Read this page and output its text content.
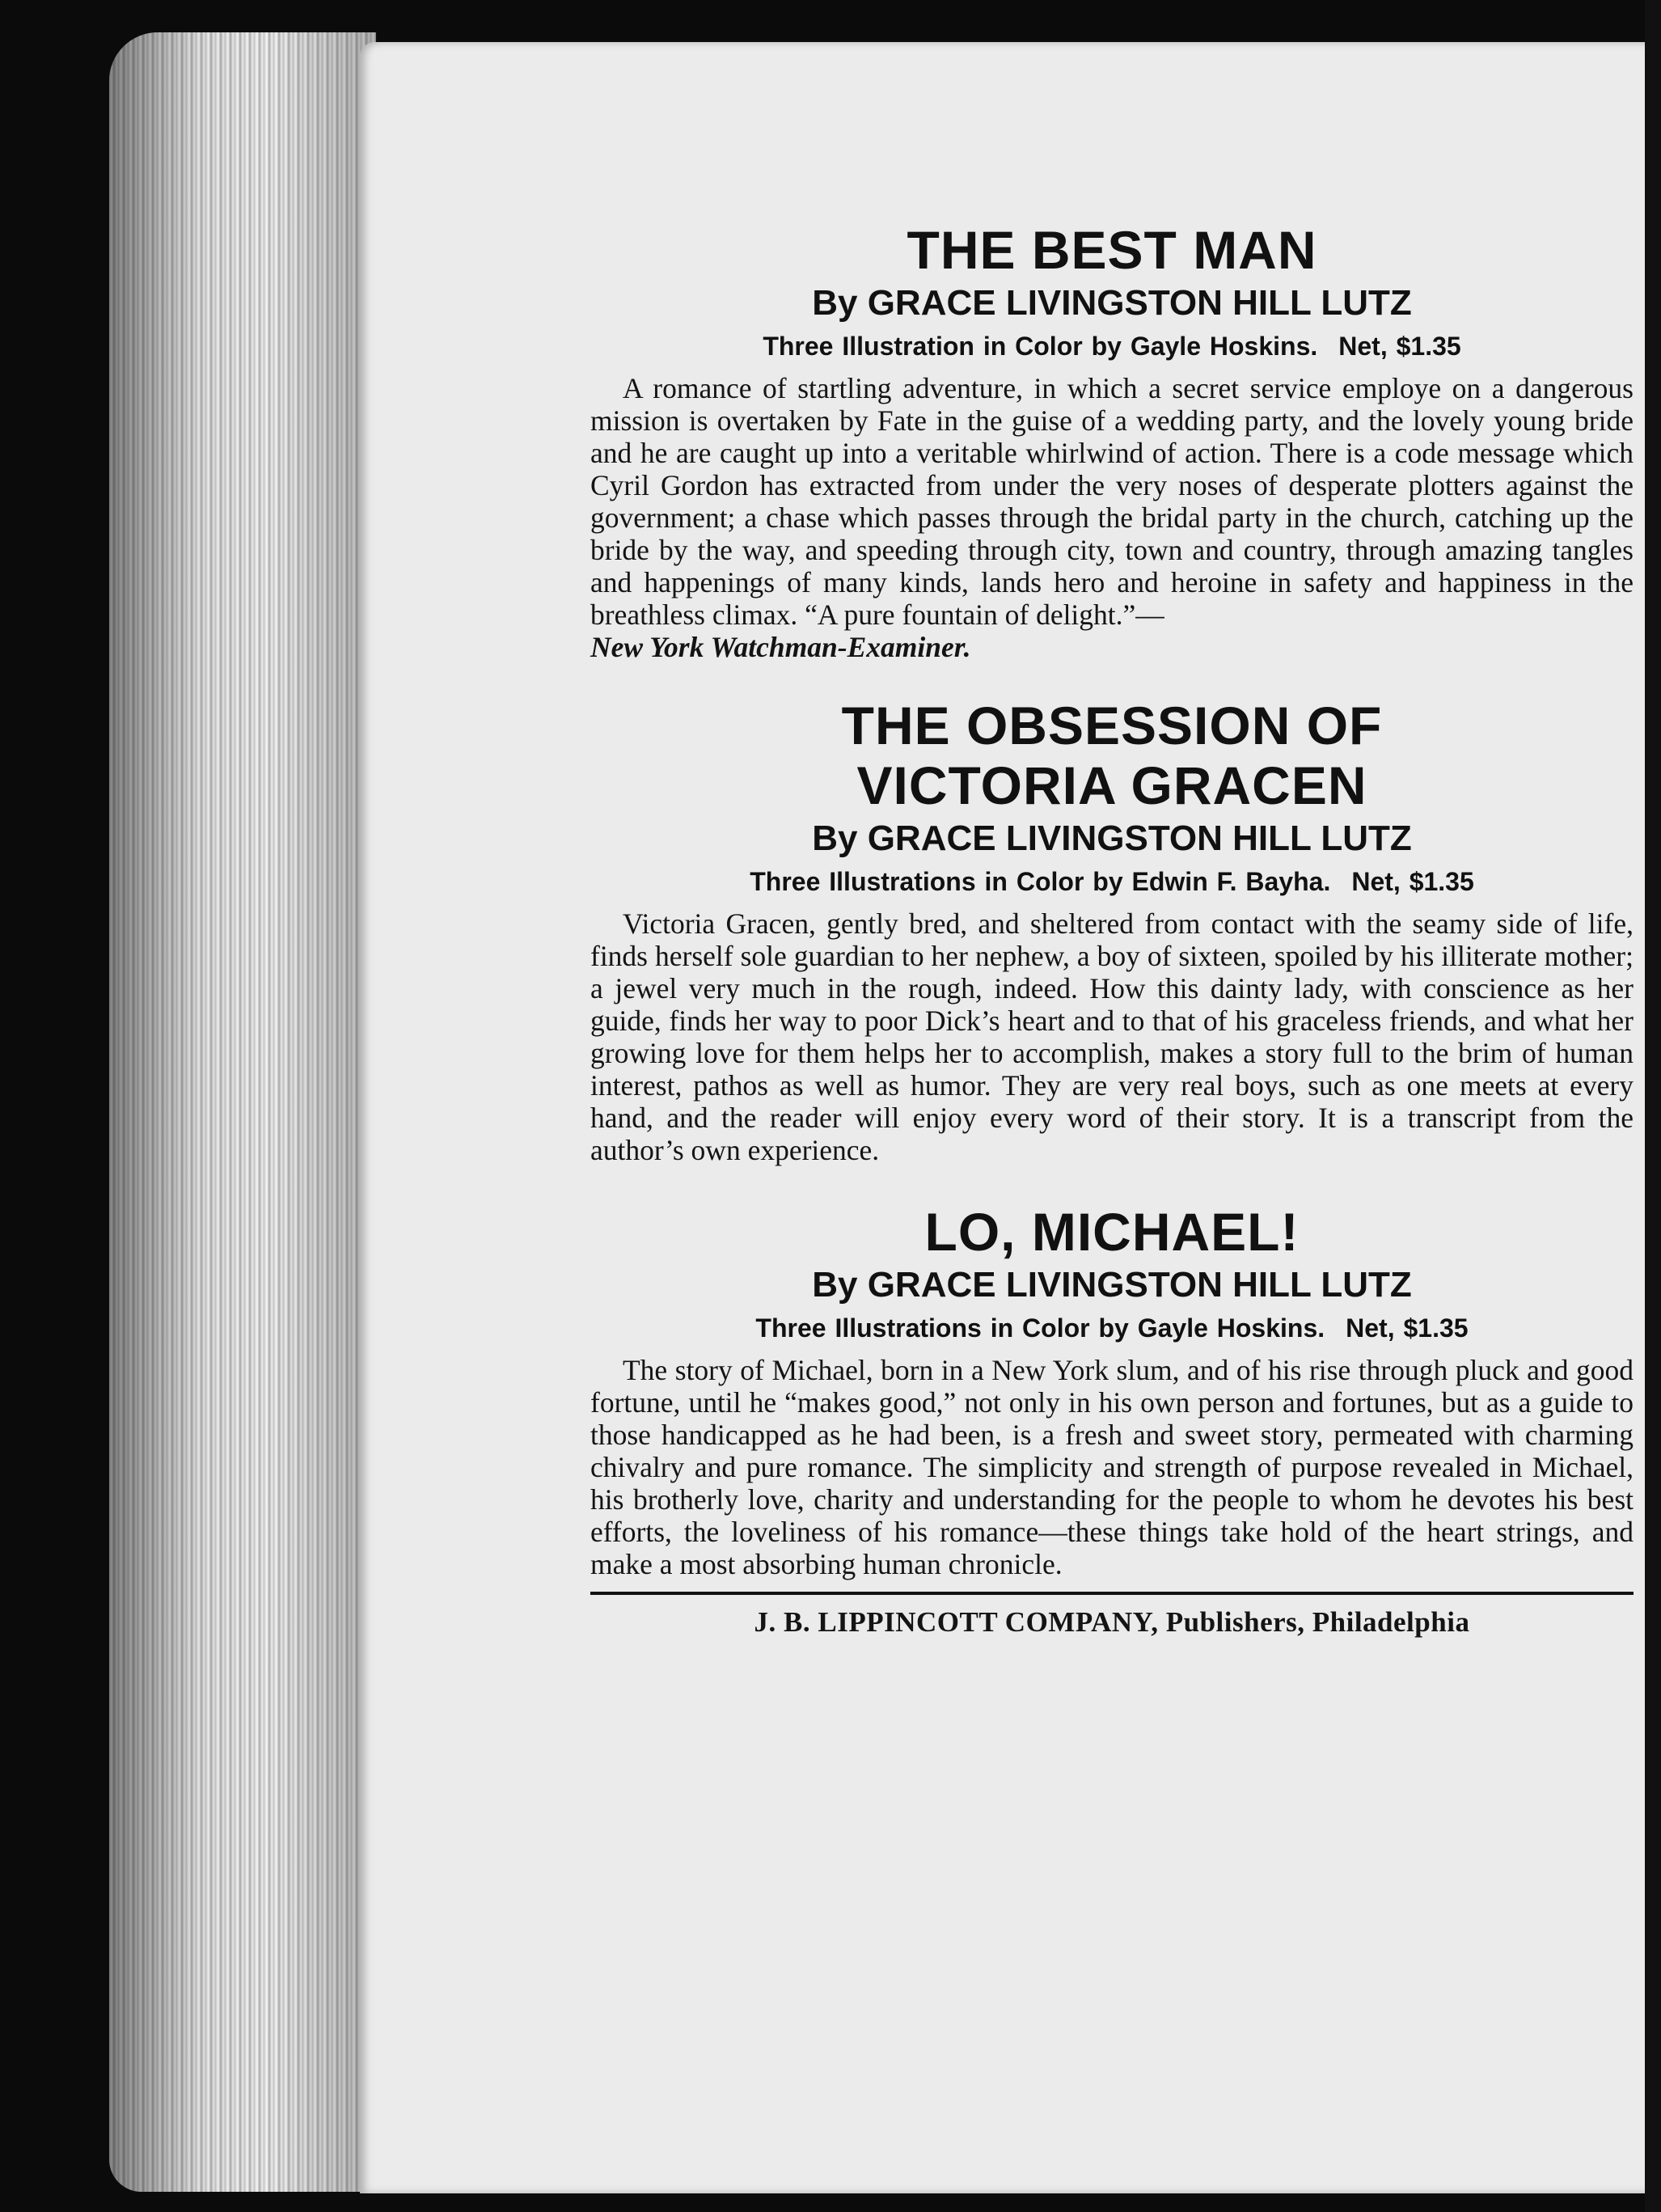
THE BEST MAN

By GRACE LIVINGSTON HILL LUTZ

Three Illustration in Color by Gayle Hoskins. Net, $1.35

A romance of startling adventure, in which a secret service employe on a dangerous mission is overtaken by Fate in the guise of a wedding party, and the lovely young bride and he are caught up into a veritable whirlwind of action. There is a code message which Cyril Gordon has extracted from under the very noses of desperate plotters against the government; a chase which passes through the bridal party in the church, catching up the bride by the way, and speeding through city, town and country, through amazing tangles and happenings of many kinds, lands hero and heroine in safety and happiness in the breathless climax. “A pure fountain of delight.”—
New York Watchman-Examiner.

THE OBSESSION OF

VICTORIA GRACEN

By GRACE LIVINGSTON HILL LUTZ

Three Illustrations in Color by Edwin F. Bayha. Net, $1.35

Victoria Gracen, gently bred, and sheltered from contact with the seamy side of life, finds herself sole guardian to her nephew, a boy of sixteen, spoiled by his illiterate mother; a jewel very much in the rough, indeed. How this dainty lady, with conscience as her guide, finds her way to poor Dick’s heart and to that of his graceless friends, and what her growing love for them helps her to accomplish, makes a story full to the brim of human interest, pathos as well as humor. They are very real boys, such as one meets at every hand, and the reader will enjoy every word of their story. It is a transcript from the author’s own experience.

LO, MICHAEL!

By GRACE LIVINGSTON HILL LUTZ

Three Illustrations in Color by Gayle Hoskins. Net, $1.35

The story of Michael, born in a New York slum, and of his rise through pluck and good fortune, until he “makes good,” not only in his own person and fortunes, but as a guide to those handicapped as he had been, is a fresh and sweet story, permeated with charming chivalry and pure romance. The simplicity and strength of purpose revealed in Michael, his brotherly love, charity and understanding for the people to whom he devotes his best efforts, the loveliness of his romance—these things take hold of the heart strings, and make a most absorbing human chronicle.

J. B. LIPPINCOTT COMPANY, Publishers, Philadelphia
